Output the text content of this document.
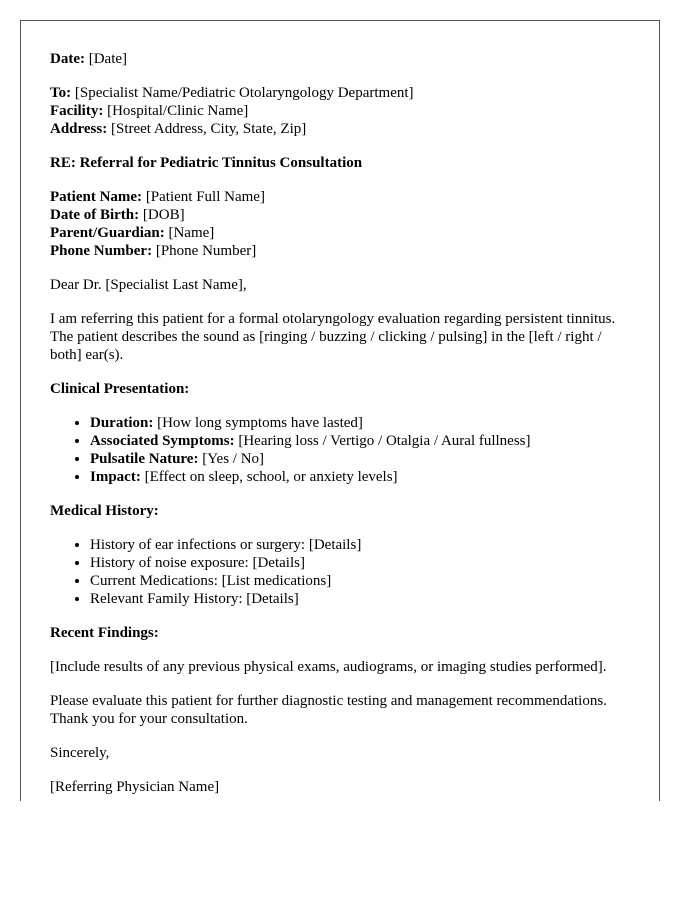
Date: [Date]

To: [Specialist Name/Pediatric Otolaryngology Department]
Facility: [Hospital/Clinic Name]
Address: [Street Address, City, State, Zip]

RE: Referral for Pediatric Tinnitus Consultation

Patient Name: [Patient Full Name]
Date of Birth: [DOB]
Parent/Guardian: [Name]
Phone Number: [Phone Number]

Dear Dr. [Specialist Last Name],

I am referring this patient for a formal otolaryngology evaluation regarding persistent tinnitus. The patient describes the sound as [ringing / buzzing / clicking / pulsing] in the [left / right / both] ear(s).

Clinical Presentation:

• Duration: [How long symptoms have lasted]
• Associated Symptoms: [Hearing loss / Vertigo / Otalgia / Aural fullness]
• Pulsatile Nature: [Yes / No]
• Impact: [Effect on sleep, school, or anxiety levels]

Medical History:

• History of ear infections or surgery: [Details]
• History of noise exposure: [Details]
• Current Medications: [List medications]
• Relevant Family History: [Details]

Recent Findings:

[Include results of any previous physical exams, audiograms, or imaging studies performed].

Please evaluate this patient for further diagnostic testing and management recommendations. Thank you for your consultation.

Sincerely,

[Referring Physician Name]
